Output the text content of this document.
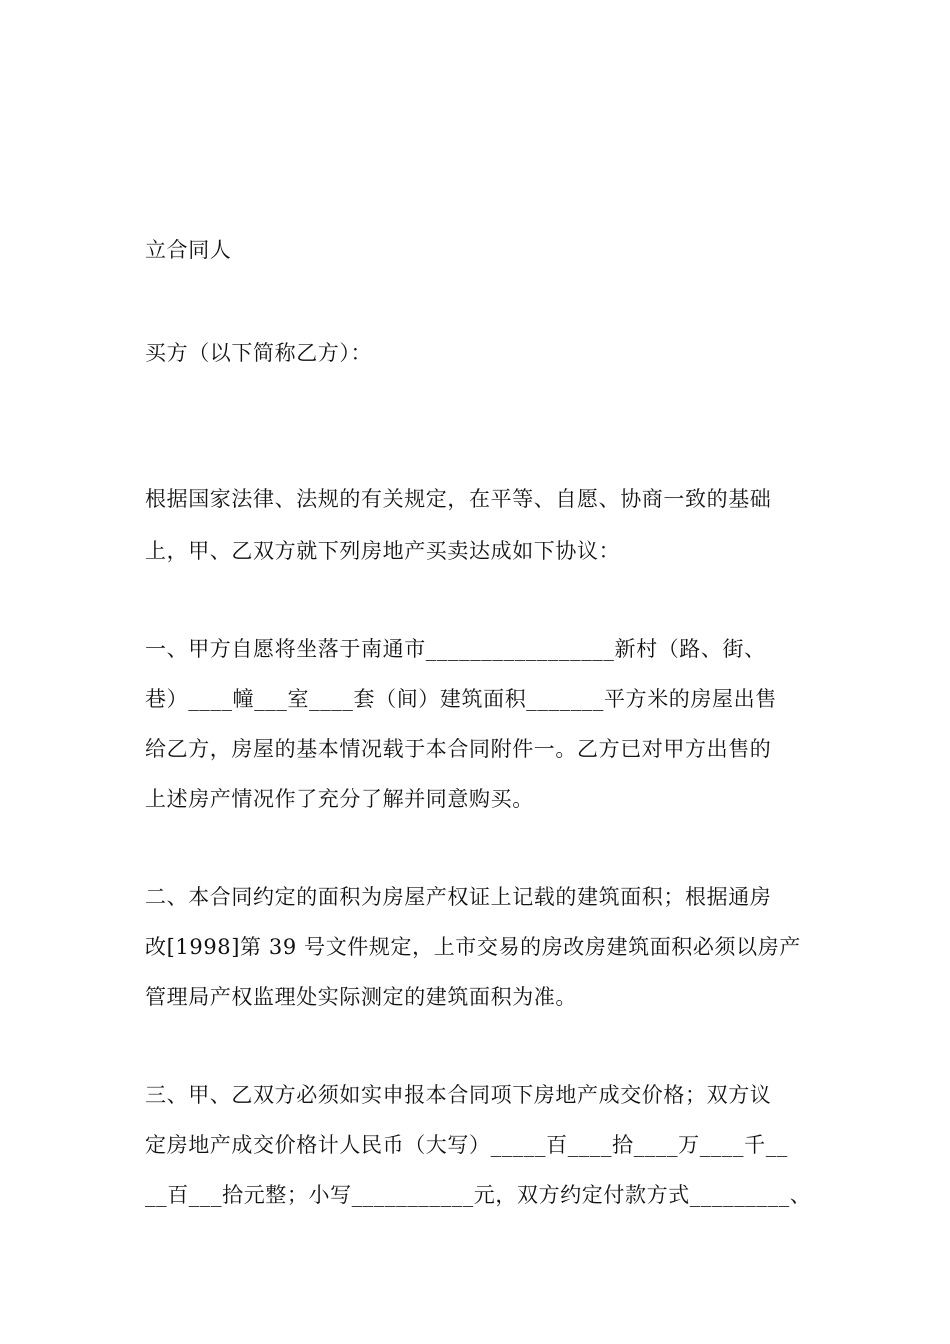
立合同人
买方（以下简称乙方）：
根据国家法律、法规的有关规定，在平等、自愿、协商一致的基础
上，甲、乙双方就下列房地产买卖达成如下协议：
一、甲方自愿将坐落于南通市_________________新村（路、街、
巷）____幢___室____套（间）建筑面积_______平方米的房屋出售
给乙方，房屋的基本情况载于本合同附件一。乙方已对甲方出售的
上述房产情况作了充分了解并同意购买。
二、本合同约定的面积为房屋产权证上记载的建筑面积；根据通房
改[1998]第 39 号文件规定，上市交易的房改房建筑面积必须以房产
管理局产权监理处实际测定的建筑面积为准。
三、甲、乙双方必须如实申报本合同项下房地产成交价格；双方议
定房地产成交价格计人民币（大写）_____百____拾____万____千__
__百___拾元整；小写___________元，双方约定付款方式_________、
